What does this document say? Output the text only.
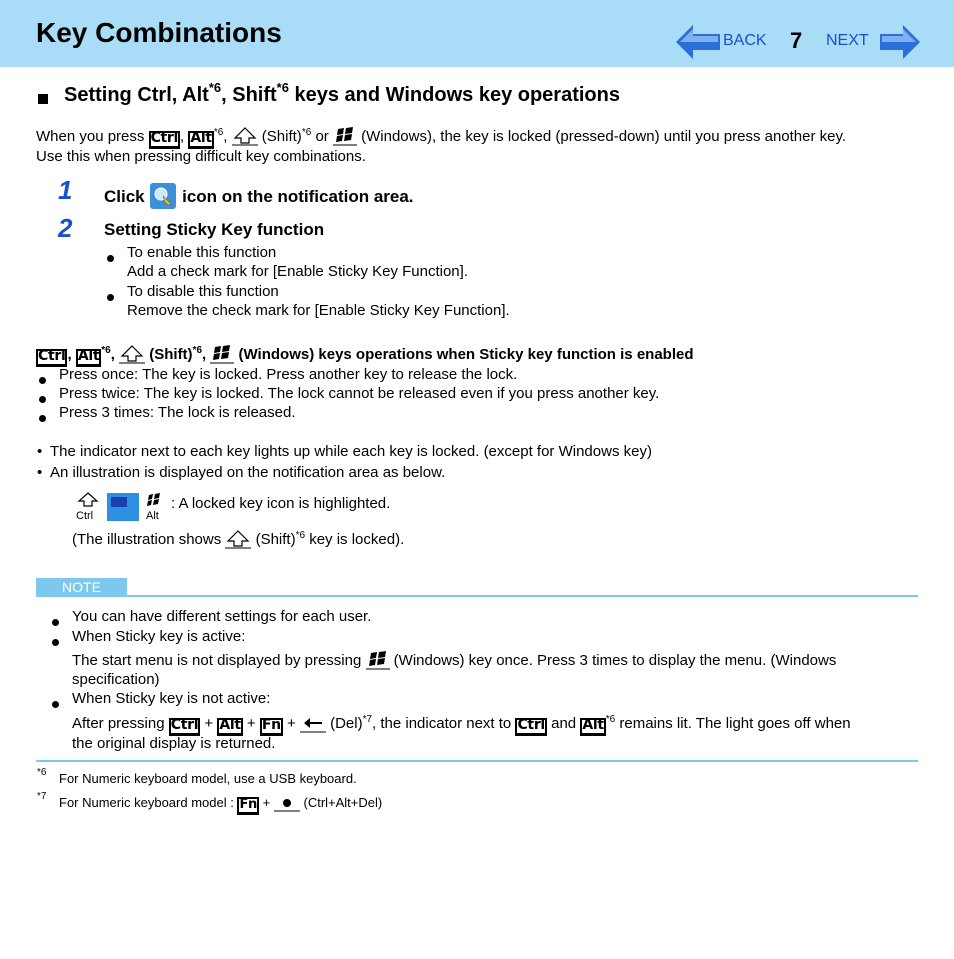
Key Combinations	BACK 7 NEXT
Setting Ctrl, Alt$^{*6}$, Shift$^{*6}$ keys and Windows key operations
When you press Ctrl , Alt $^{*6}$,  (Shift)$^{*6}$ or (Windows), the key is locked (pressed-down) until you press another key.
Use this when pressing difficult key combinations.
1 Click icon on the notification area.
2 Setting Sticky Key function
To enable this function
Add a check mark for [Enable Sticky Key Function].
To disable this function
Remove the check mark for [Enable Sticky Key Function].
Ctrl , Alt $^{*6}$,  (Shift)$^{*6}$,  (Windows) keys operations when Sticky key function is enabled
Press once: The key is locked. Press another key to release the lock.
Press twice: The key is locked. The lock cannot be released even if you press another key.
Press 3 times: The lock is released.
• The indicator next to each key lights up while each key is locked. (except for Windows key)
• An illustration is displayed on the notification area as below.
Ctrl	Alt
: A locked key icon is highlighted.
(The illustration shows (Shift)$^{*6}$ key is locked).
NOTE
You can have different settings for each user.
When Sticky key is active:
The start menu is not displayed by pressing (Windows) key once. Press 3 times to display the menu. (Windows
specification)
When Sticky key is not active:
After pressing Ctrl + Alt + Fn + (Del)$^{*7}$, the indicator next to Ctrl and Alt $^{*6}$ remains lit. The light goes off when
the original display is returned.
*6 For Numeric keyboard model, use a USB keyboard.
*7 For Numeric keyboard model : Fn +	(Ctrl+Alt+Del)
